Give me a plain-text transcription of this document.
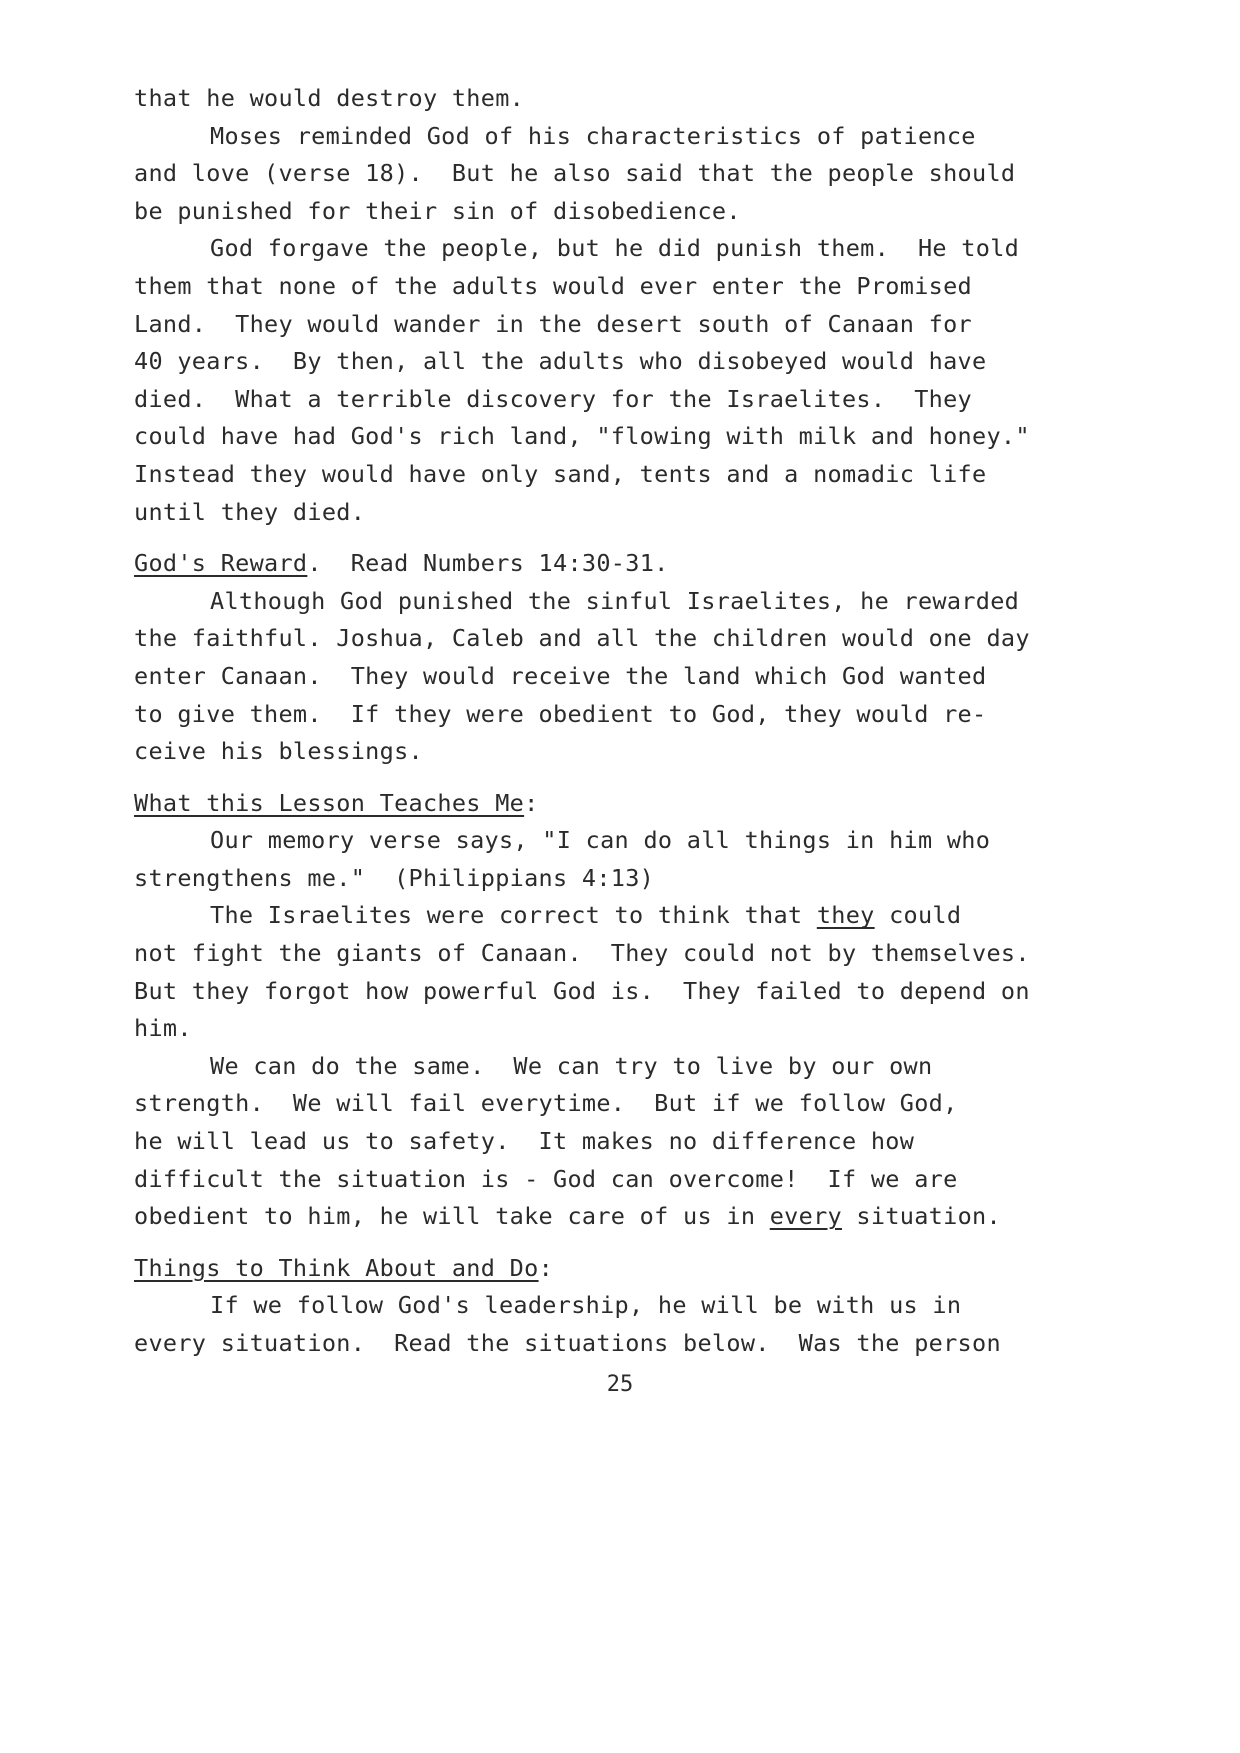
that he would destroy them.
Moses reminded God of his characteristics of patience
and love (verse 18).  But he also said that the people should
be punished for their sin of disobedience.
God forgave the people, but he did punish them.  He told
them that none of the adults would ever enter the Promised
Land.  They would wander in the desert south of Canaan for
40 years.  By then, all the adults who disobeyed would have
died.  What a terrible discovery for the Israelites.  They
could have had God's rich land, "flowing with milk and honey."
Instead they would have only sand, tents and a nomadic life
until they died.
God's Reward.  Read Numbers 14:30-31.
Although God punished the sinful Israelites, he rewarded
the faithful. Joshua, Caleb and all the children would one day
enter Canaan.  They would receive the land which God wanted
to give them.  If they were obedient to God, they would re-
ceive his blessings.
What this Lesson Teaches Me:
Our memory verse says, "I can do all things in him who
strengthens me."  (Philippians 4:13)
The Israelites were correct to think that they could
not fight the giants of Canaan.  They could not by themselves.
But they forgot how powerful God is.  They failed to depend on
him.
We can do the same.  We can try to live by our own
strength.  We will fail everytime.  But if we follow God,
he will lead us to safety.  It makes no difference how
difficult the situation is - God can overcome!  If we are
obedient to him, he will take care of us in every situation.
Things to Think About and Do:
If we follow God's leadership, he will be with us in
every situation.  Read the situations below.  Was the person
25
